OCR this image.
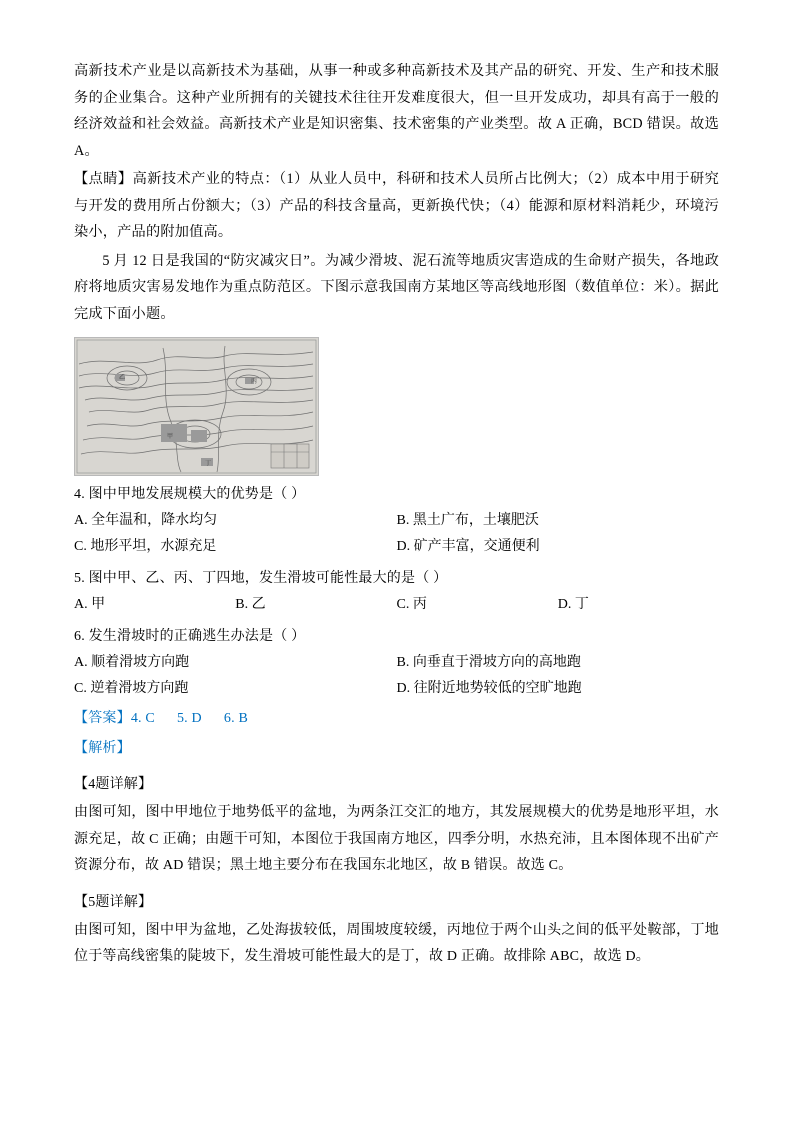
高新技术产业是以高新技术为基础，从事一种或多种高新技术及其产品的研究、开发、生产和技术服务的企业集合。这种产业所拥有的关键技术往往开发难度很大，但一旦开发成功，却具有高于一般的经济效益和社会效益。高新技术产业是知识密集、技术密集的产业类型。故 A 正确，BCD 错误。故选 A。

【点睛】高新技术产业的特点：（1）从业人员中，科研和技术人员所占比例大；（2）成本中用于研究与开发的费用所占份额大；（3）产品的科技含量高，更新换代快；（4）能源和原材料消耗少，环境污染小，产品的附加值高。

5 月 12 日是我国的“防灾减灾日”。为减少滑坡、泥石流等地质灾害造成的生命财产损失，各地政府将地质灾害易发地作为重点防范区。下图示意我国南方某地区等高线地形图（数值单位：米）。据此完成下面小题。

甲
乙
丙
丁

4. 图中甲地发展规模大的优势是（ ）

A. 全年温和，降水均匀	B. 黑土广布，土壤肥沃
C. 地形平坦，水源充足	D. 矿产丰富，交通便利

5. 图中甲、乙、丙、丁四地，发生滑坡可能性最大的是（ ）

A. 甲	B. 乙	C. 丙	D. 丁

6. 发生滑坡时的正确逃生办法是（ ）

A. 顺着滑坡方向跑	B. 向垂直于滑坡方向的高地跑
C. 逆着滑坡方向跑	D. 往附近地势较低的空旷地跑

【答案】4. C 5. D 6. B

【解析】

【4题详解】

由图可知，图中甲地位于地势低平的盆地，为两条江交汇的地方，其发展规模大的优势是地形平坦，水源充足，故 C 正确；由题干可知，本图位于我国南方地区，四季分明，水热充沛，且本图体现不出矿产资源分布，故 AD 错误；黑土地主要分布在我国东北地区，故 B 错误。故选 C。

【5题详解】

由图可知，图中甲为盆地，乙处海拔较低，周围坡度较缓，丙地位于两个山头之间的低平处鞍部，丁地位于等高线密集的陡坡下，发生滑坡可能性最大的是丁，故 D 正确。故排除 ABC，故选 D。
